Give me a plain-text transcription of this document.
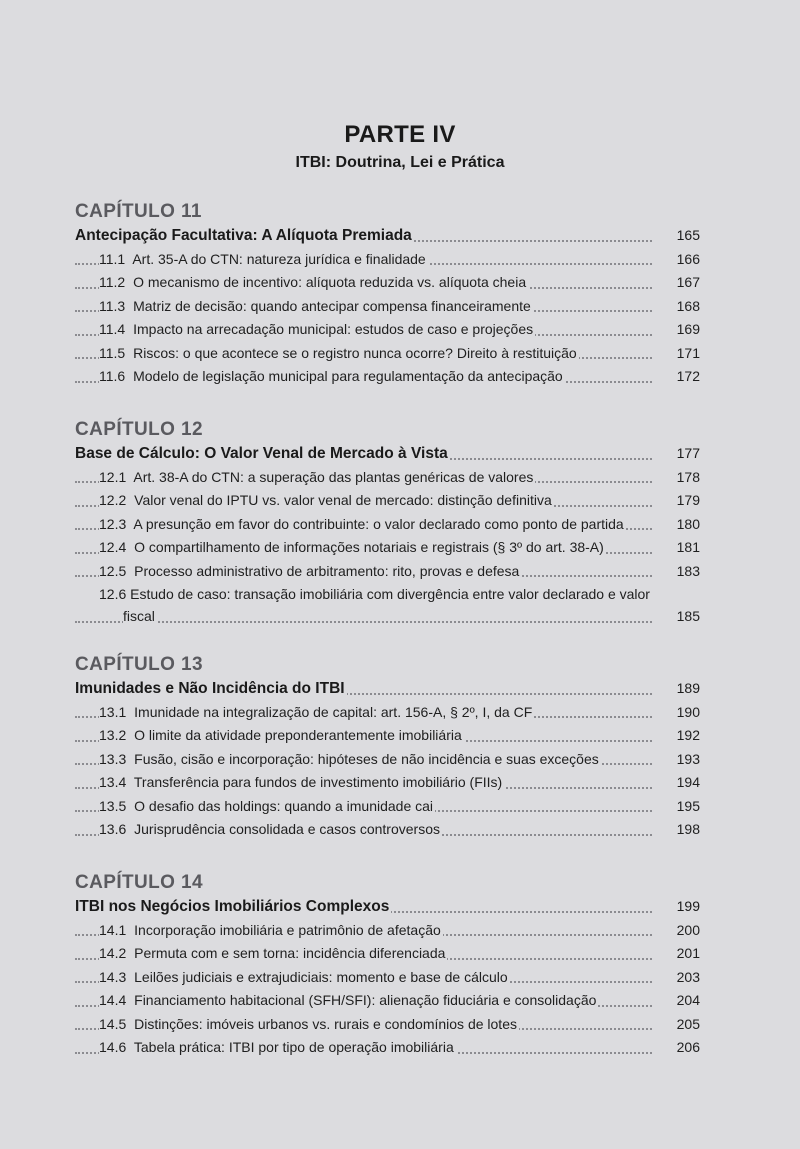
PARTE IV
ITBI: Doutrina, Lei e Prática
CAPÍTULO 11
Antecipação Facultativa: A Alíquota Premiada	165
11.1 Art. 35-A do CTN: natureza jurídica e finalidade	166
11.2 O mecanismo de incentivo: alíquota reduzida vs. alíquota cheia	167
11.3 Matriz de decisão: quando antecipar compensa financeiramente	168
11.4 Impacto na arrecadação municipal: estudos de caso e projeções	169
11.5 Riscos: o que acontece se o registro nunca ocorre? Direito à restituição	171
11.6 Modelo de legislação municipal para regulamentação da antecipação	172
CAPÍTULO 12
Base de Cálculo: O Valor Venal de Mercado à Vista	177
12.1 Art. 38-A do CTN: a superação das plantas genéricas de valores	178
12.2 Valor venal do IPTU vs. valor venal de mercado: distinção definitiva	179
12.3 A presunção em favor do contribuinte: o valor declarado como ponto de partida	180
12.4 O compartilhamento de informações notariais e registrais (§ 3º do art. 38-A)	181
12.5 Processo administrativo de arbitramento: rito, provas e defesa	183
12.6 Estudo de caso: transação imobiliária com divergência entre valor declarado e valor
fiscal	185
CAPÍTULO 13
Imunidades e Não Incidência do ITBI	189
13.1 Imunidade na integralização de capital: art. 156-A, § 2º, I, da CF	190
13.2 O limite da atividade preponderantemente imobiliária	192
13.3 Fusão, cisão e incorporação: hipóteses de não incidência e suas exceções	193
13.4 Transferência para fundos de investimento imobiliário (FIIs)	194
13.5 O desafio das holdings: quando a imunidade cai	195
13.6 Jurisprudência consolidada e casos controversos	198
CAPÍTULO 14
ITBI nos Negócios Imobiliários Complexos	199
14.1 Incorporação imobiliária e patrimônio de afetação	200
14.2 Permuta com e sem torna: incidência diferenciada	201
14.3 Leilões judiciais e extrajudiciais: momento e base de cálculo	203
14.4 Financiamento habitacional (SFH/SFI): alienação fiduciária e consolidação	204
14.5 Distinções: imóveis urbanos vs. rurais e condomínios de lotes	205
14.6 Tabela prática: ITBI por tipo de operação imobiliária	206
